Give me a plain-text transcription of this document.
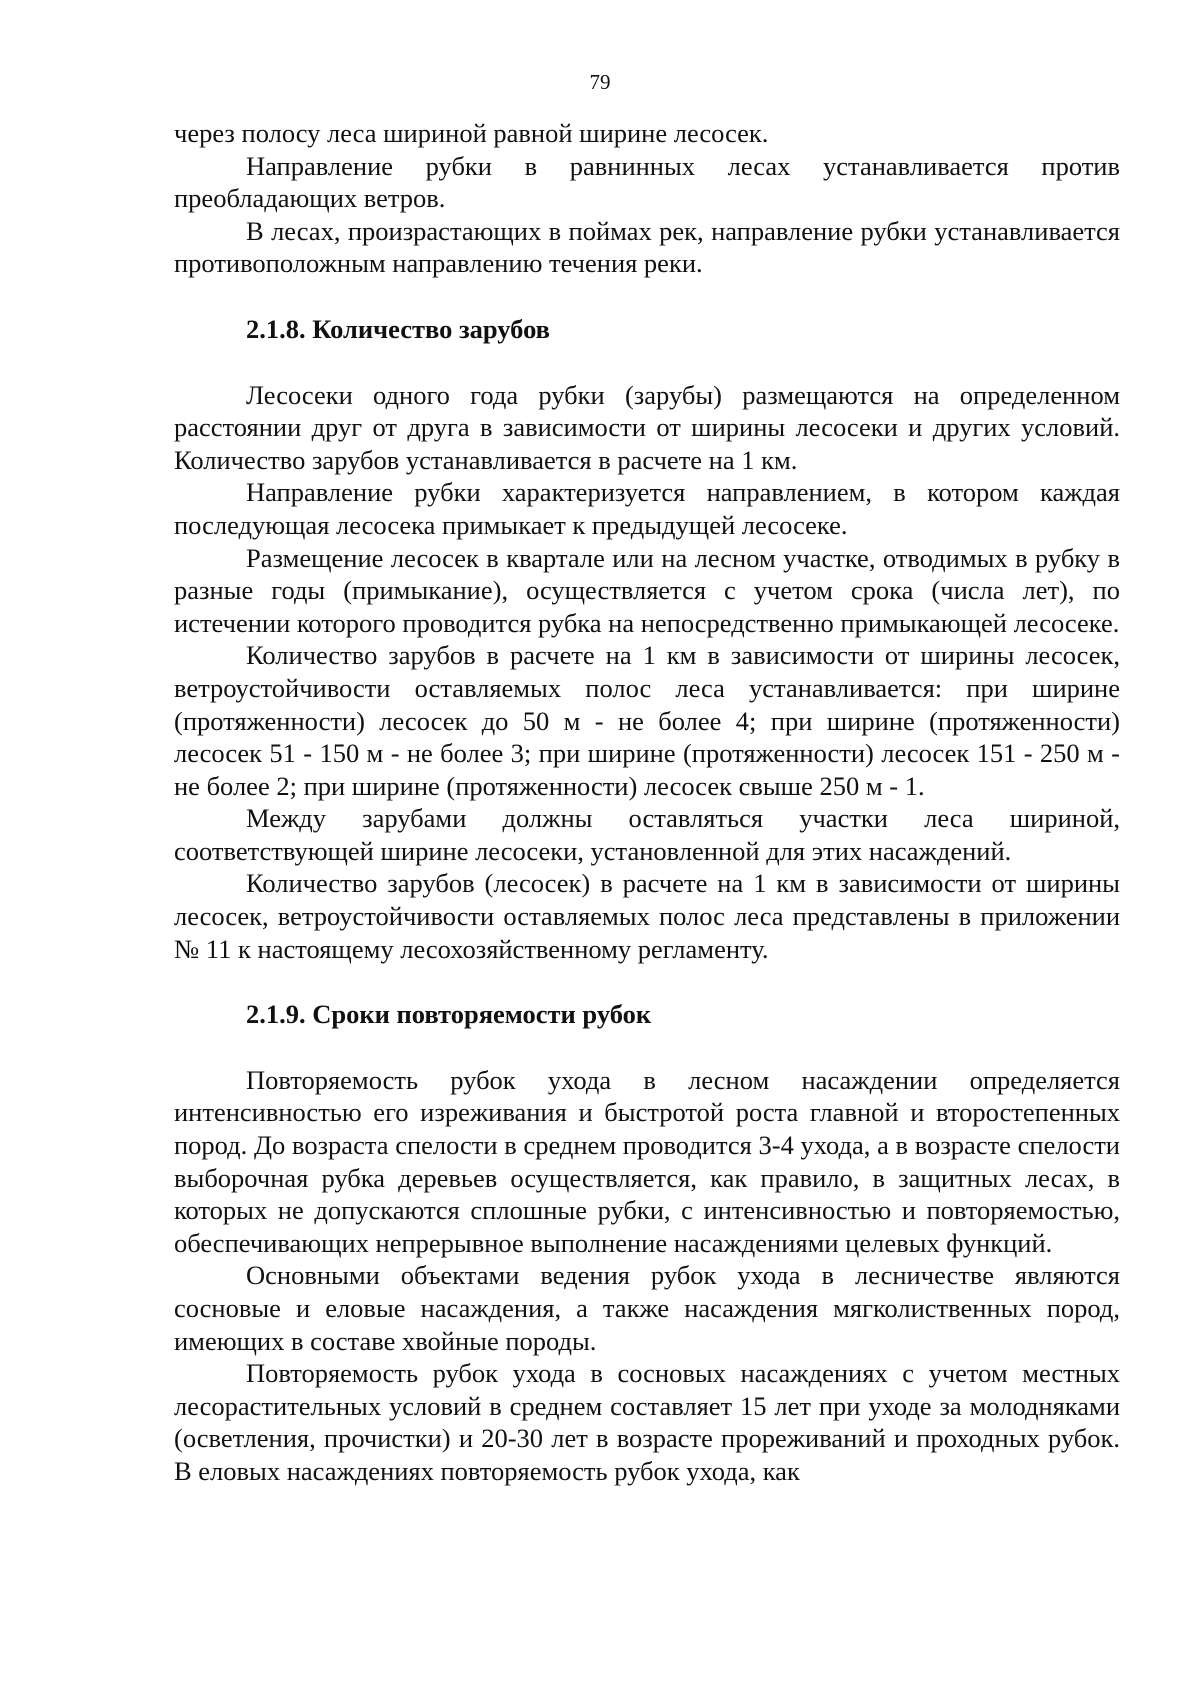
79

через полосу леса шириной равной ширине лесосек.

Направление рубки в равнинных лесах устанавливается против преобладающих ветров.

В лесах, произрастающих в поймах рек, направление рубки устанавливается противоположным направлению течения реки.

2.1.8. Количество зарубов

Лесосеки одного года рубки (зарубы) размещаются на определенном расстоянии друг от друга в зависимости от ширины лесосеки и других условий. Количество зарубов устанавливается в расчете на 1 км.

Направление рубки характеризуется направлением, в котором каждая последующая лесосека примыкает к предыдущей лесосеке.

Размещение лесосек в квартале или на лесном участке, отводимых в рубку в разные годы (примыкание), осуществляется с учетом срока (числа лет), по истечении которого проводится рубка на непосредственно примыкающей лесосеке.

Количество зарубов в расчете на 1 км в зависимости от ширины лесосек, ветроустойчивости оставляемых полос леса устанавливается: при ширине (протяженности) лесосек до 50 м - не более 4; при ширине (протяженности) лесосек 51 - 150 м - не более 3; при ширине (протяженности) лесосек 151 - 250 м - не более 2; при ширине (протяженности) лесосек свыше 250 м - 1.

Между зарубами должны оставляться участки леса шириной, соответствующей ширине лесосеки, установленной для этих насаждений.

Количество зарубов (лесосек) в расчете на 1 км в зависимости от ширины лесосек, ветроустойчивости оставляемых полос леса представлены в приложении № 11 к настоящему лесохозяйственному регламенту.

2.1.9. Сроки повторяемости рубок

Повторяемость рубок ухода в лесном насаждении определяется интенсивностью его изреживания и быстротой роста главной и второстепенных пород. До возраста спелости в среднем проводится 3-4 ухода, а в возрасте спелости выборочная рубка деревьев осуществляется, как правило, в защитных лесах, в которых не допускаются сплошные рубки, с интенсивностью и повторяемостью, обеспечивающих непрерывное выполнение насаждениями целевых функций.

Основными объектами ведения рубок ухода в лесничестве являются сосновые и еловые насаждения, а также насаждения мягколиственных пород, имеющих в составе хвойные породы.

Повторяемость рубок ухода в сосновых насаждениях с учетом местных лесорастительных условий в среднем составляет 15 лет при уходе за молодняками (осветления, прочистки) и 20-30 лет в возрасте прореживаний и проходных рубок. В еловых насаждениях повторяемость рубок ухода, как
